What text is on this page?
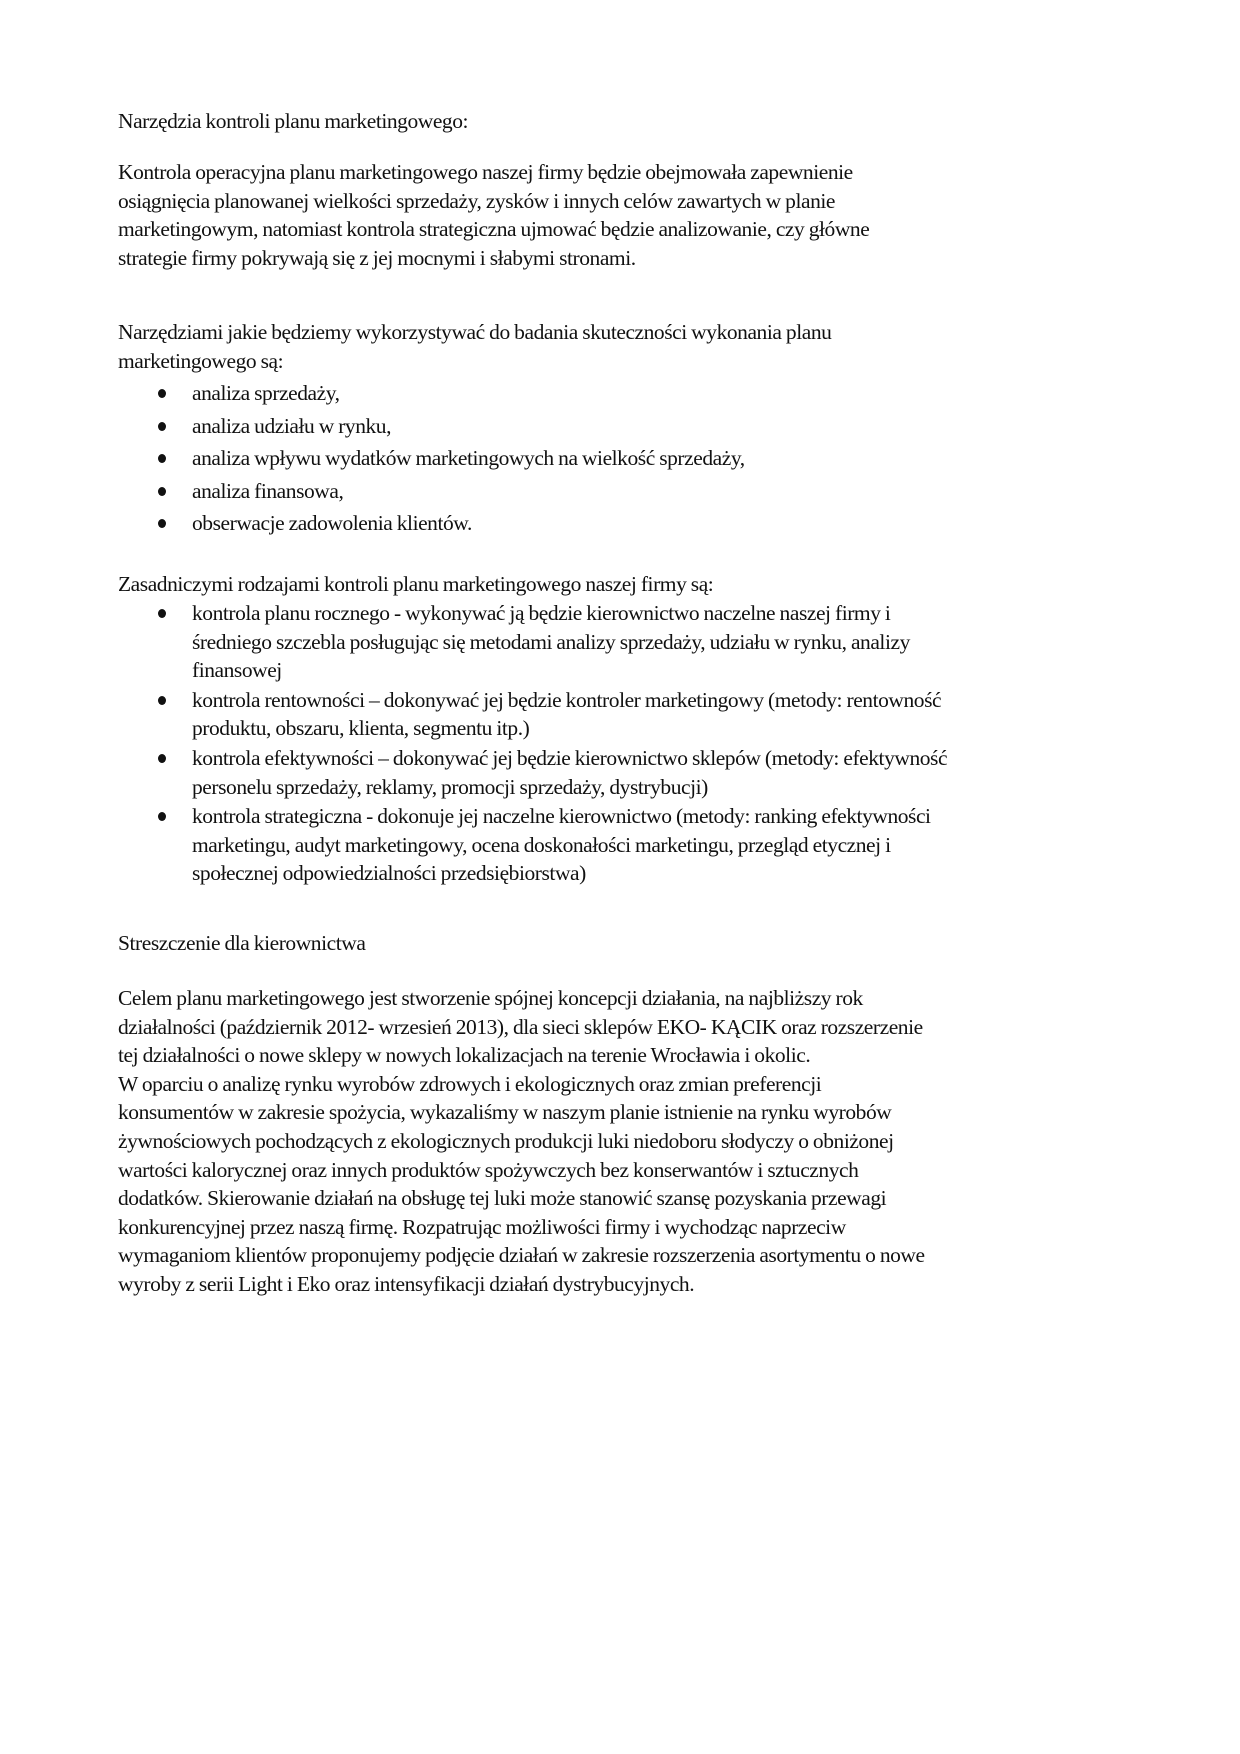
Narzędzia kontroli planu marketingowego:

Kontrola operacyjna planu marketingowego naszej firmy będzie obejmowała zapewnienie
osiągnięcia planowanej wielkości sprzedaży, zysków i innych celów zawartych w planie
marketingowym, natomiast kontrola strategiczna ujmować będzie analizowanie, czy główne
strategie firmy pokrywają się z jej mocnymi i słabymi stronami.

Narzędziami jakie będziemy wykorzystywać do badania skuteczności wykonania planu
marketingowego są:

analiza sprzedaży,
analiza udziału w rynku,
analiza wpływu wydatków marketingowych na wielkość sprzedaży,
analiza finansowa,
obserwacje zadowolenia klientów.

Zasadniczymi rodzajami kontroli planu marketingowego naszej firmy są:

kontrola planu rocznego - wykonywać ją będzie kierownictwo naczelne naszej firmy i
średniego szczebla posługując się metodami analizy sprzedaży, udziału w rynku, analizy
finansowej
kontrola rentowności – dokonywać jej będzie kontroler marketingowy (metody: rentowność
produktu, obszaru, klienta, segmentu itp.)
kontrola efektywności – dokonywać jej będzie kierownictwo sklepów (metody: efektywność
personelu sprzedaży, reklamy, promocji sprzedaży, dystrybucji)
kontrola strategiczna - dokonuje jej naczelne kierownictwo (metody: ranking efektywności
marketingu, audyt marketingowy, ocena doskonałości marketingu, przegląd etycznej i
społecznej odpowiedzialności przedsiębiorstwa)

Streszczenie dla kierownictwa

Celem planu marketingowego jest stworzenie spójnej koncepcji działania, na najbliższy rok
działalności (październik 2012- wrzesień 2013), dla sieci sklepów EKO- KĄCIK oraz rozszerzenie
tej działalności o nowe sklepy w nowych lokalizacjach na terenie Wrocławia i okolic.
W oparciu o analizę rynku wyrobów zdrowych i ekologicznych oraz zmian preferencji
konsumentów w zakresie spożycia, wykazaliśmy w naszym planie istnienie na rynku wyrobów
żywnościowych pochodzących z ekologicznych produkcji luki niedoboru słodyczy o obniżonej
wartości kalorycznej oraz innych produktów spożywczych bez konserwantów i sztucznych
dodatków. Skierowanie działań na obsługę tej luki może stanowić szansę pozyskania przewagi
konkurencyjnej przez naszą firmę. Rozpatrując możliwości firmy i wychodząc naprzeciw
wymaganiom klientów proponujemy podjęcie działań w zakresie rozszerzenia asortymentu o nowe
wyroby z serii Light i Eko oraz intensyfikacji działań dystrybucyjnych.
